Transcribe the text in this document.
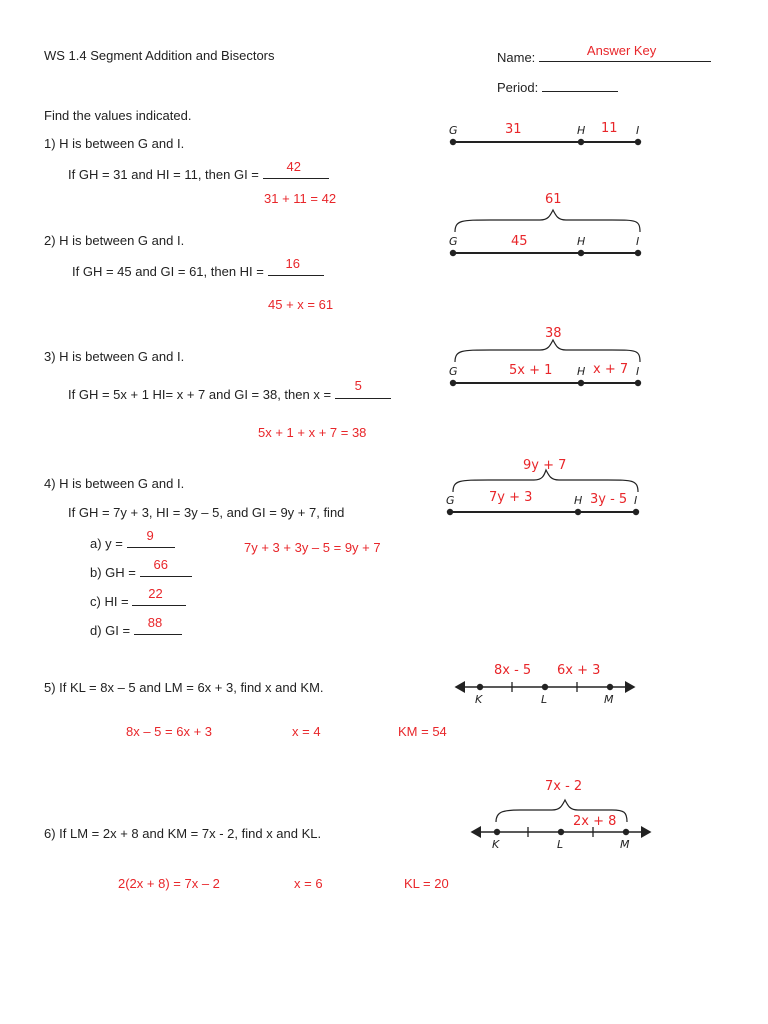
WS 1.4 Segment Addition and Bisectors	Name:	Answer Key
Period:
Find the values indicated.
1) H is between G and I.
If GH = 31 and HI = 11, then GI =
42
31 + 11 = 42
2) H is between G and I.
If GH = 45 and GI = 61, then HI =
16
45 + x = 61
3) H is between G and I.
If GH = 5x + 1 HI= x + 7 and GI = 38, then x =
5
5x + 1 + x + 7 = 38
4) H is between G and I.
If GH = 7y + 3, HI = 3y – 5, and GI = 9y + 7, find
7y + 3 + 3y – 5 = 9y + 7
a) y =
9
b) GH =
66
c) HI =
22
d) GI =
88
5) If KL = 8x – 5 and LM = 6x + 3, find x and KM.
8x – 5 = 6x + 3	x = 4	KM = 54
6) If LM = 2x + 8 and KM = 7x - 2, find x and KL.
2(2x + 8) = 7x – 2	x = 6	KL = 20
G	H	I
31	11
61
G	H	I
45
38
G	H	I
5x + 1	x + 7
9y + 7
G	H	I
7y + 3	3y - 5
K	L	M
8x - 5 6x + 3
7x - 2
K	L	M
2x + 8
